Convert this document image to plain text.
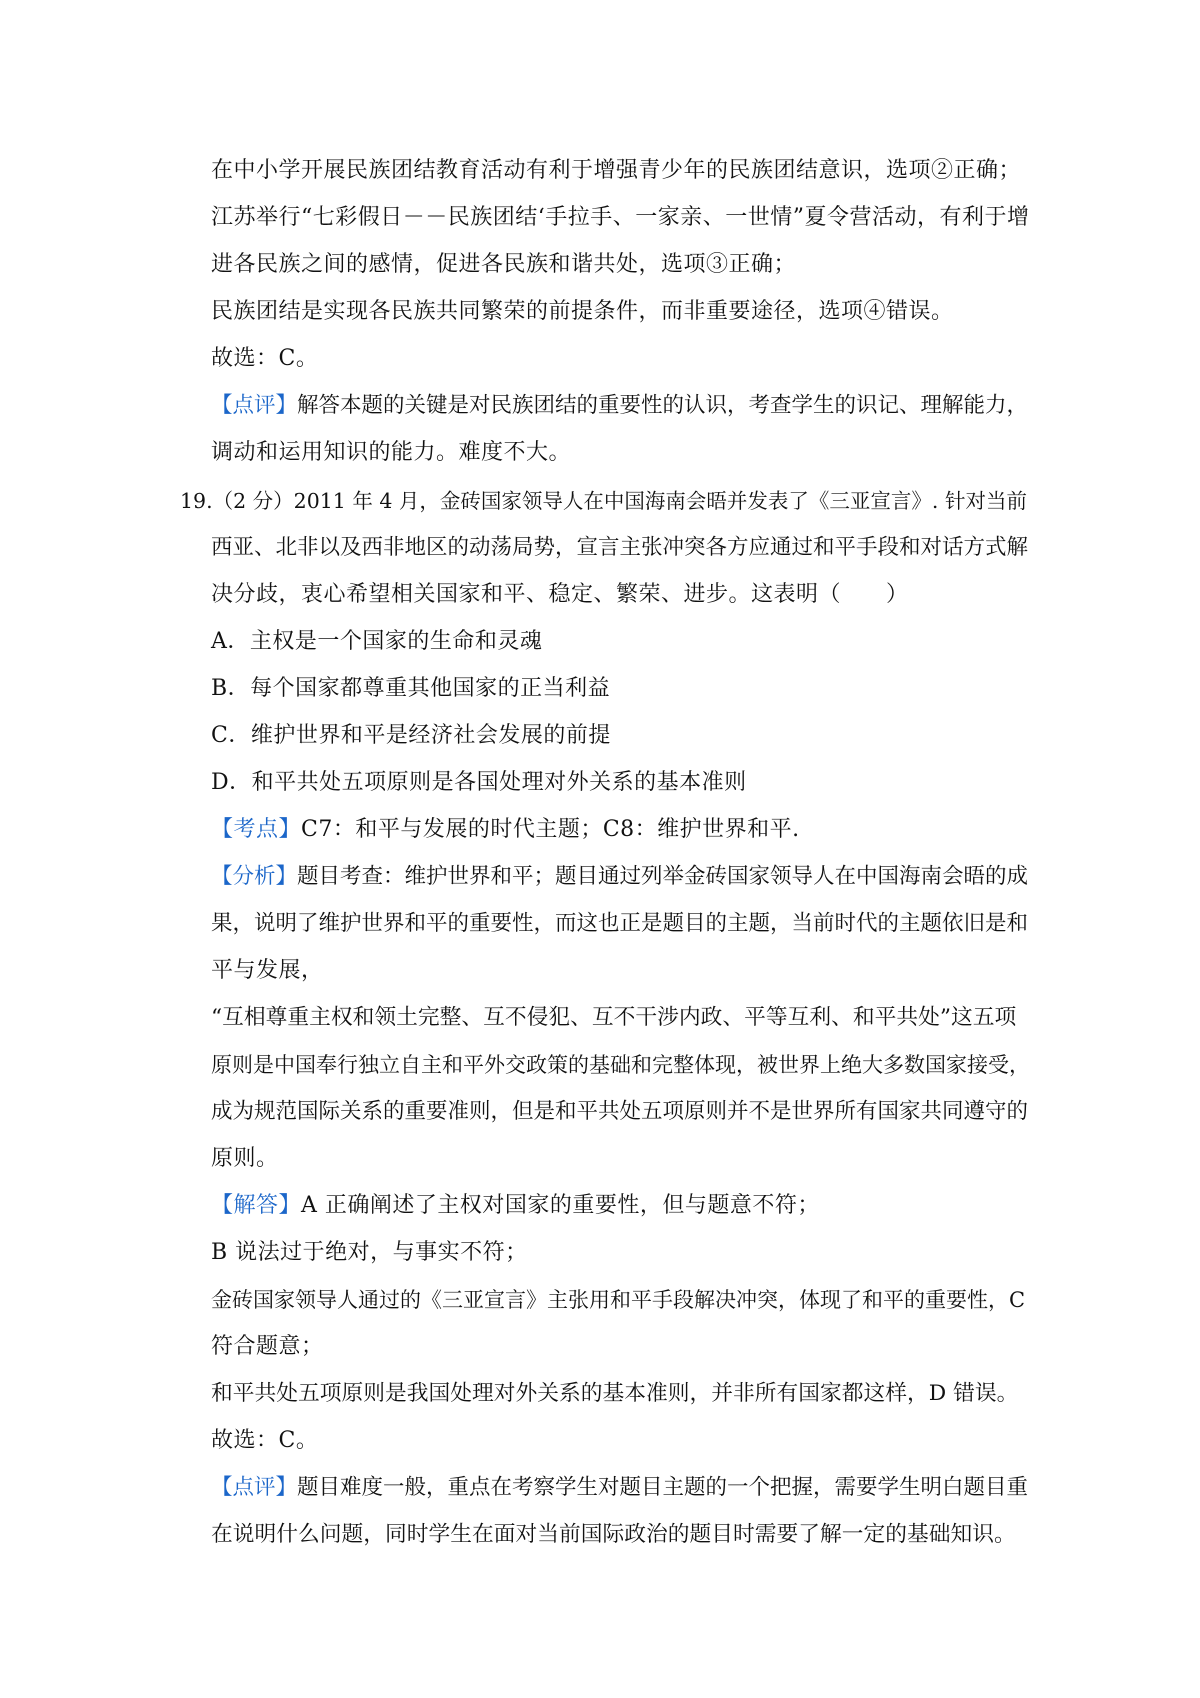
在中小学开展民族团结教育活动有利于增强青少年的民族团结意识，选项②正确；
江苏举行“七彩假日－－民族团结‘手拉手、一家亲、一世情”夏令营活动，有利于增
进各民族之间的感情，促进各民族和谐共处，选项③正确；
民族团结是实现各民族共同繁荣的前提条件，而非重要途径，选项④错误。
故选：C。
【点评】解答本题的关键是对民族团结的重要性的认识，考查学生的识记、理解能力，
调动和运用知识的能力。难度不大。
19.（2 分）2011 年 4 月，金砖国家领导人在中国海南会晤并发表了《三亚宣言》. 针对当前
西亚、北非以及西非地区的动荡局势，宣言主张冲突各方应通过和平手段和对话方式解
决分歧，衷心希望相关国家和平、稳定、繁荣、进步。这表明（　　）
A．主权是一个国家的生命和灵魂
B．每个国家都尊重其他国家的正当利益
C．维护世界和平是经济社会发展的前提
D．和平共处五项原则是各国处理对外关系的基本准则
【考点】C7：和平与发展的时代主题；C8：维护世界和平.
【分析】题目考查：维护世界和平；题目通过列举金砖国家领导人在中国海南会晤的成
果，说明了维护世界和平的重要性，而这也正是题目的主题，当前时代的主题依旧是和
平与发展，
“互相尊重主权和领土完整、互不侵犯、互不干涉内政、平等互利、和平共处”这五项
原则是中国奉行独立自主和平外交政策的基础和完整体现，被世界上绝大多数国家接受，
成为规范国际关系的重要准则，但是和平共处五项原则并不是世界所有国家共同遵守的
原则。
【解答】A 正确阐述了主权对国家的重要性，但与题意不符；
B 说法过于绝对，与事实不符；
金砖国家领导人通过的《三亚宣言》主张用和平手段解决冲突，体现了和平的重要性，C
符合题意；
和平共处五项原则是我国处理对外关系的基本准则，并非所有国家都这样，D 错误。
故选：C。
【点评】题目难度一般，重点在考察学生对题目主题的一个把握，需要学生明白题目重
在说明什么问题，同时学生在面对当前国际政治的题目时需要了解一定的基础知识。
